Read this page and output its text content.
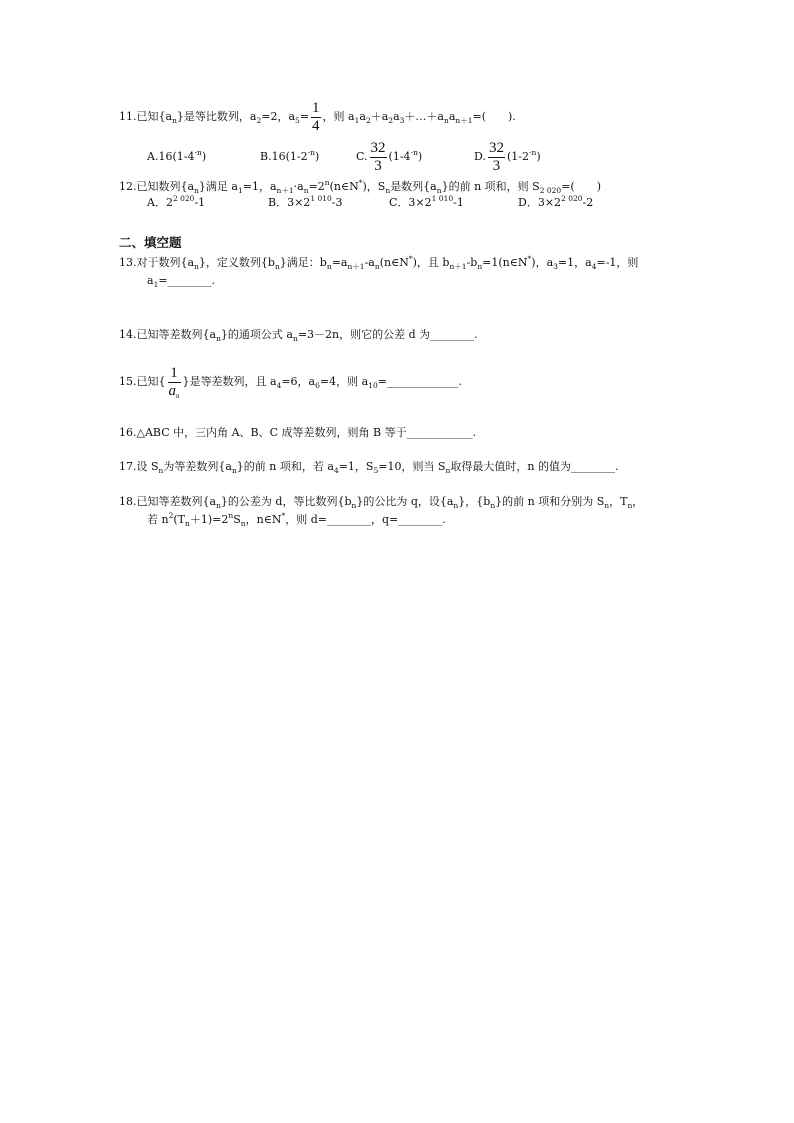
11.已知$\{a_n\}$是等比数列，$a_2=2$，$a_5= \frac{1}{4}$ ，则 $a_1a_2+a_2a_3+\dots+a_na_{n+1}=$(　　).
$A.16(1-4^{-n})$	$B.16(1-2^{-n})$	C. $\frac{32}{3} (1-4^{-n})$	D. $\frac{32}{3} (1-2^{-n})$
12.已知数列$\{a_n\}$满足 $a_1=1$，$a_{n+1}\cdot a_n=2^n(n\in N^*)$，$S_n$是数列$\{a_n\}$的前 n 项和，则 $S_{2 020}=$(　　)
A．$2^{2 020}-1$	B．$3\times 2^{1 010}-3$	C．$3\times 2^{1 010}-1$	D．$3\times 2^{2 020}-2$
二、填空题
13.对于数列$\{a_n\}$，定义数列$\{b_n\}$满足：$b_n=a_{n+1}-a_n(n\in N^*)$，且 $b_{n+1}-b_n=1(n\in N^*)$，$a_3=1$，$a_4=-1$，则
$a_1=\_\_\_\_\_\_\_\_$.
14.已知等差数列$\{a_n\}$的通项公式 $a_n=3-2n$，则它的公差 d 为________.
15.已知{ $\frac{1}{a_n}$ }是等差数列，且 $a_4=6$，$a_6=4$，则 $a_{10}=\_\_\_\_\_\_\_\_\_\_\_\_\_$.
16.△ABC 中，三内角 A、B、C 成等差数列，则角 B 等于____________.
17.设 $S_n$为等差数列$\{a_n\}$的前 n 项和，若 $a_4=1$，$S_5=10$，则当 $S_n$取得最大值时，n 的值为________.
18.已知等差数列$\{a_n\}$的公差为 d，等比数列$\{b_n\}$的公比为 q，设$\{a_n\}$，$\{b_n\}$的前 n 项和分别为 $S_n$，$T_n$，
若 $n^2(T_n+1)=2^nS_n$，n∈N*，则 d=________，q=________.
